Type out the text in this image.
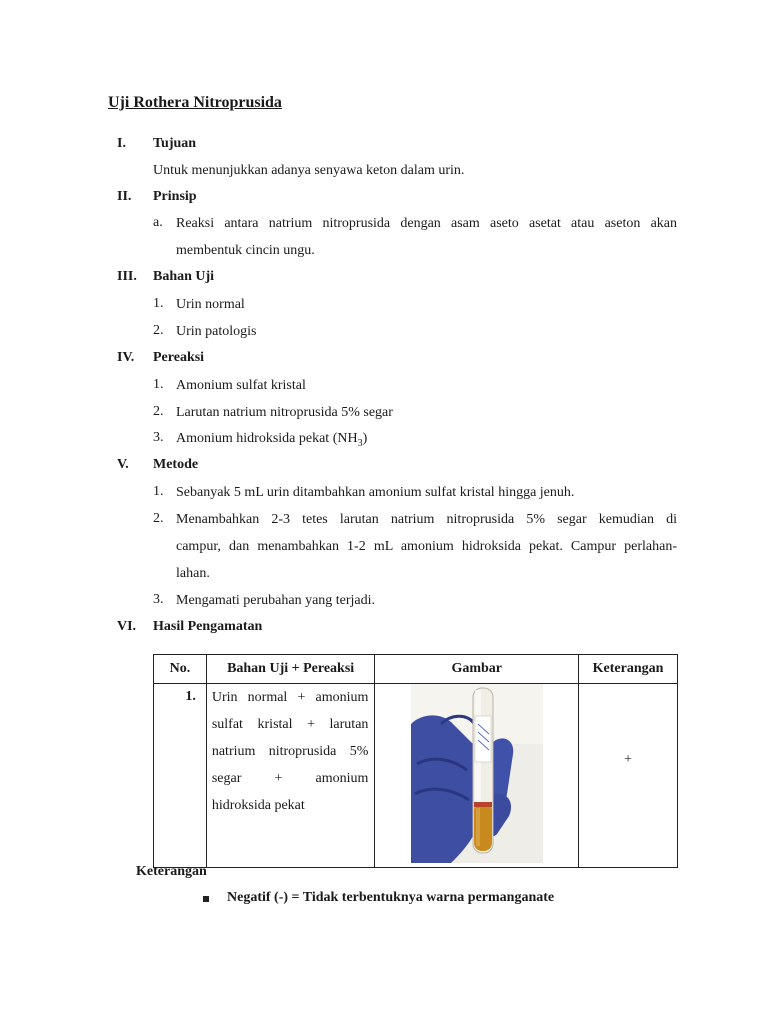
Uji Rothera Nitroprusida
I. Tujuan
Untuk menunjukkan adanya senyawa keton dalam urin.
II. Prinsip
a. Reaksi antara natrium nitroprusida dengan asam aseto asetat atau aseton akan
membentuk cincin ungu.
III. Bahan Uji
1. Urin normal
2. Urin patologis
IV. Pereaksi
1. Amonium sulfat kristal
2. Larutan natrium nitroprusida 5% segar
3. Amonium hidroksida pekat $(NH_3)$
V. Metode
1. Sebanyak 5 mL urin ditambahkan amonium sulfat kristal hingga jenuh.
2. Menambahkan 2-3 tetes larutan natrium nitroprusida 5% segar kemudian di
campur, dan menambahkan 1-2 mL amonium hidroksida pekat. Campur perlahan-
lahan.
3. Mengamati perubahan yang terjadi.
VI. Hasil Pengamatan
No.	Bahan Uji + Pereaksi	Gambar	Keterangan
1.	Urin normal + amonium
sulfat kristal + larutan
natrium nitroprusida 5%
segar + amonium
hidroksida pekat		+
Keterangan
Negatif (-) = Tidak terbentuknya warna permanganate
